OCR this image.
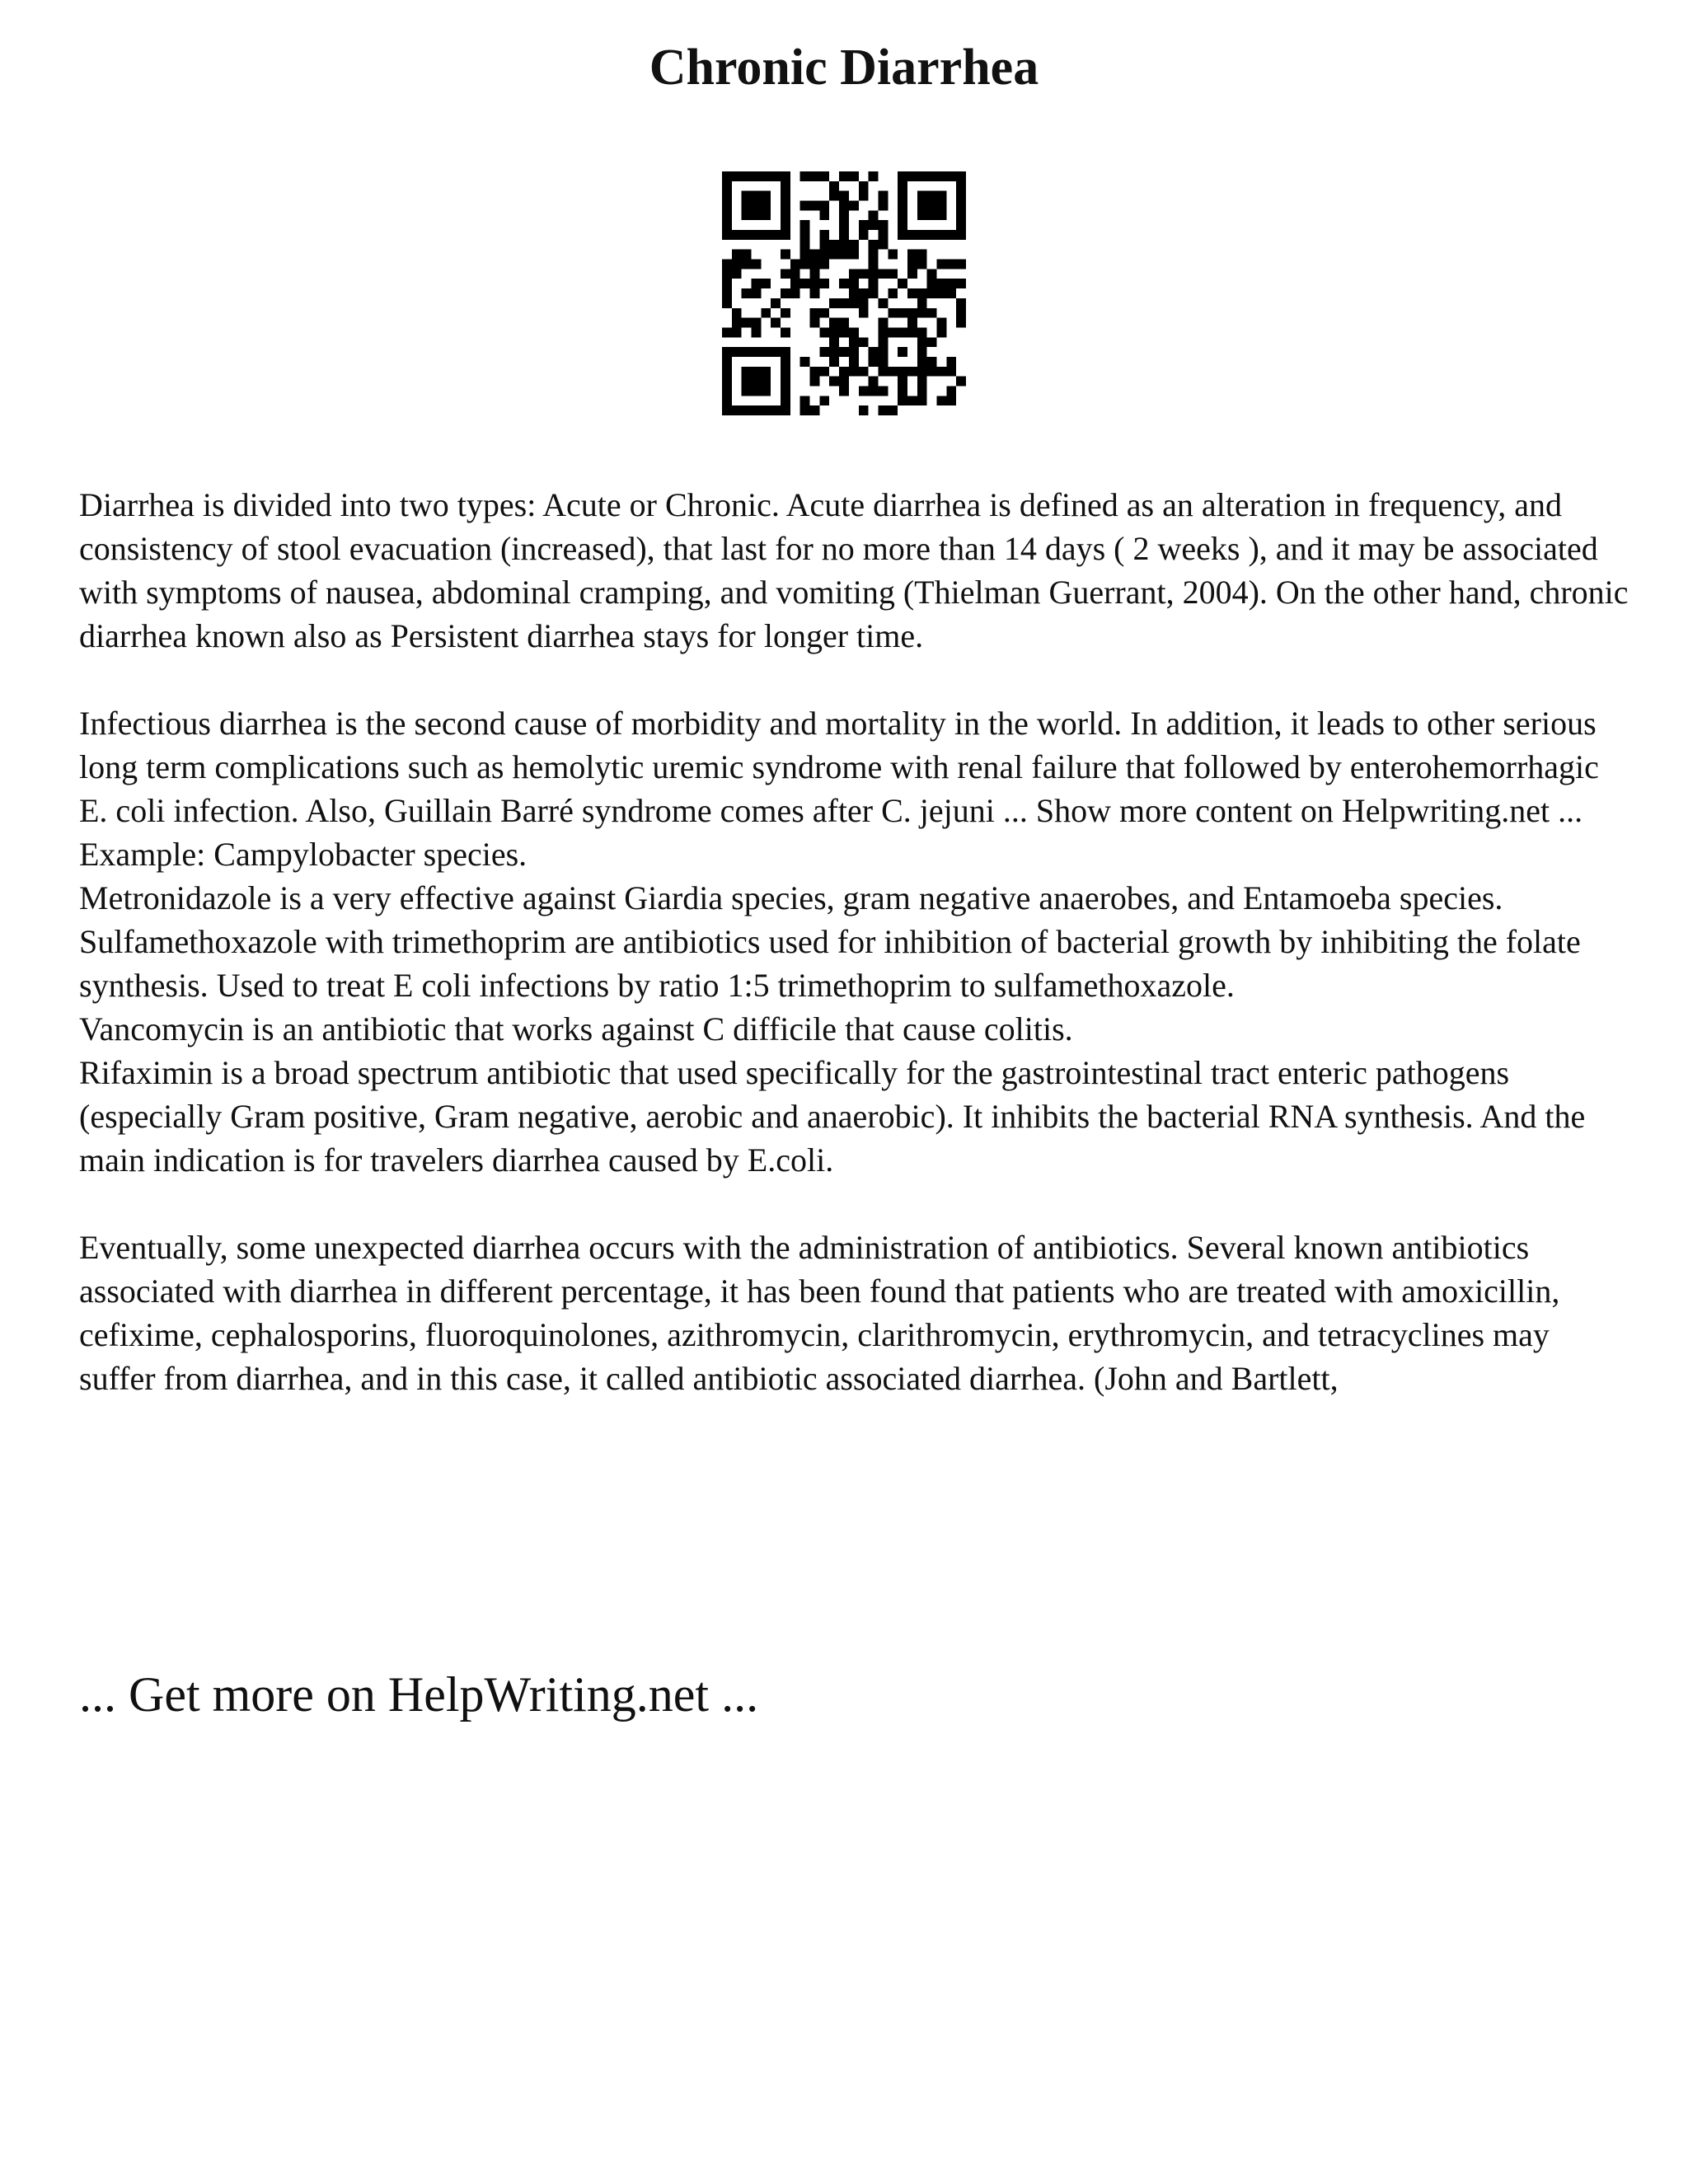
Chronic Diarrhea

Diarrhea is divided into two types: Acute or Chronic. Acute diarrhea is defined as an alteration in frequency, and consistency of stool evacuation (increased), that last for no more than 14 days ( 2 weeks ), and it may be associated with symptoms of nausea, abdominal cramping, and vomiting (Thielman Guerrant, 2004). On the other hand, chronic diarrhea known also as Persistent diarrhea stays for longer time.

Infectious diarrhea is the second cause of morbidity and mortality in the world. In addition, it leads to other serious long term complications such as hemolytic uremic syndrome with renal failure that followed by enterohemorrhagic E. coli infection. Also, Guillain Barré syndrome comes after C. jejuni ... Show more content on Helpwriting.net ...

Example: Campylobacter species.

Metronidazole is a very effective against Giardia species, gram negative anaerobes, and Entamoeba species.

Sulfamethoxazole with trimethoprim are antibiotics used for inhibition of bacterial growth by inhibiting the folate synthesis. Used to treat E coli infections by ratio 1:5 trimethoprim to sulfamethoxazole.

Vancomycin is an antibiotic that works against C difficile that cause colitis.

Rifaximin is a broad spectrum antibiotic that used specifically for the gastrointestinal tract enteric pathogens (especially Gram positive, Gram negative, aerobic and anaerobic). It inhibits the bacterial RNA synthesis. And the main indication is for travelers diarrhea caused by E.coli.

Eventually, some unexpected diarrhea occurs with the administration of antibiotics. Several known antibiotics associated with diarrhea in different percentage, it has been found that patients who are treated with amoxicillin, cefixime, cephalosporins, fluoroquinolones, azithromycin, clarithromycin, erythromycin, and tetracyclines may suffer from diarrhea, and in this case, it called antibiotic associated diarrhea. (John and Bartlett,

... Get more on HelpWriting.net ...
